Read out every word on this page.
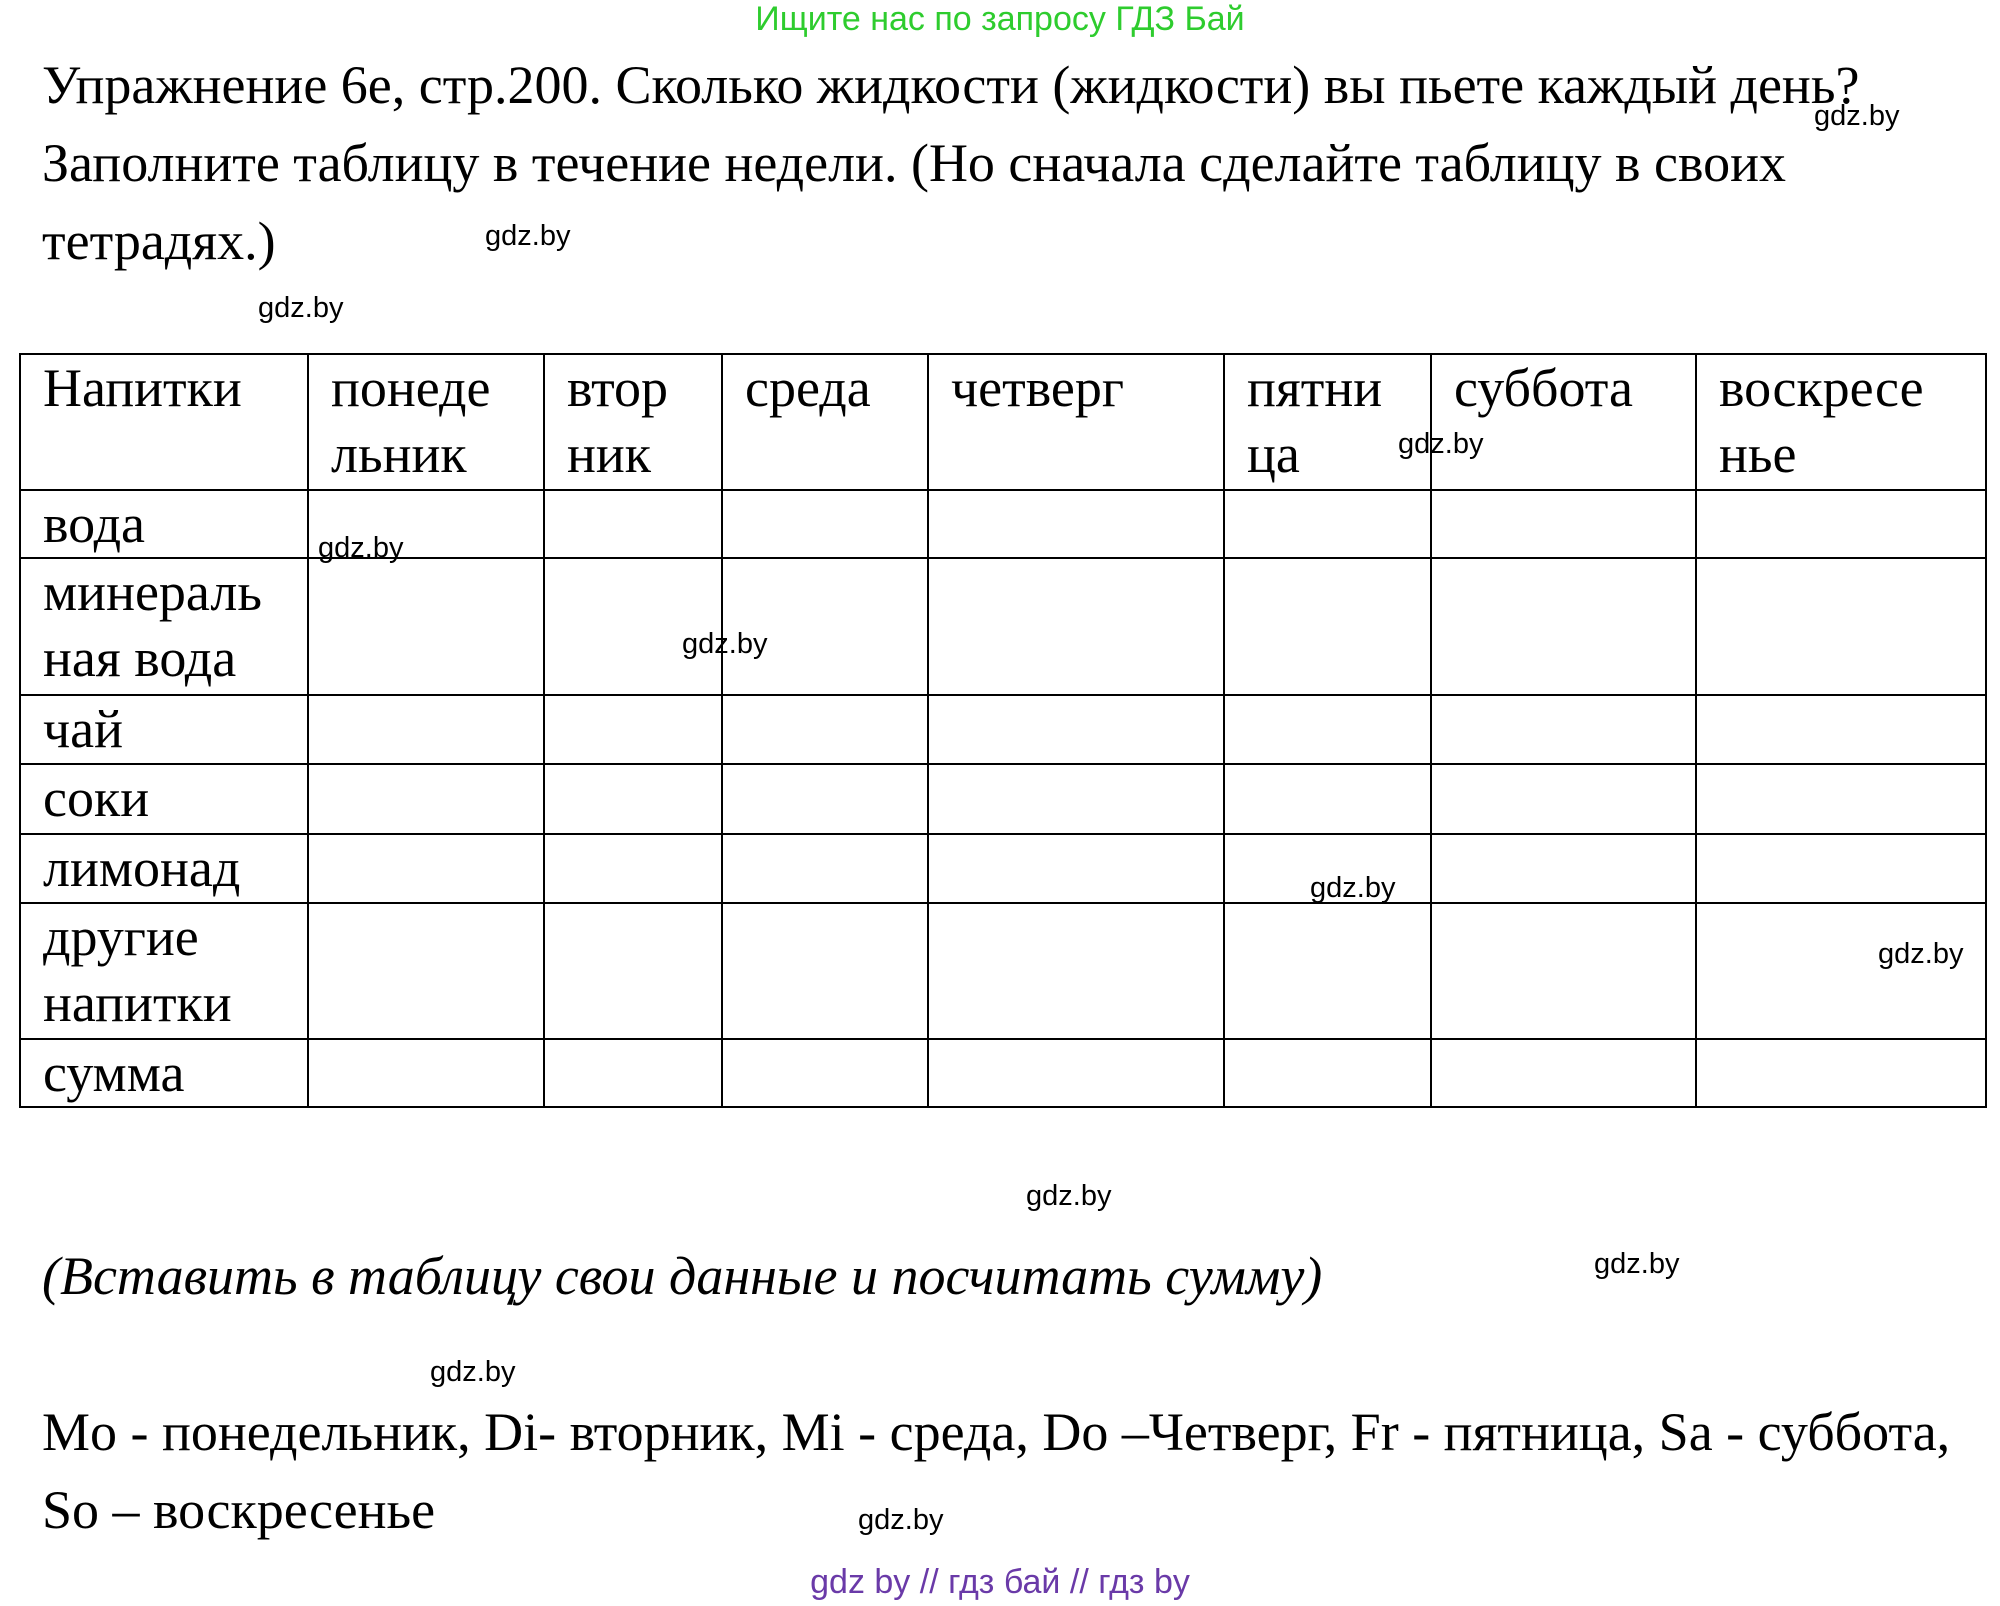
Ищите нас по запросу ГДЗ Бай
Упражнение 6е, стр.200. Сколько жидкости (жидкости) вы пьете каждый день? Заполните таблицу в течение недели. (Но сначала сделайте таблицу в своих тетрадях.)
Напитки	понеде льник	втор ник	среда	четверг	пятни ца	суббота	воскресе нье
вода							
минераль ная вода							
чай							
соки							
лимонад							
другие напитки							
сумма							
(Вставить в таблицу свои данные и посчитать сумму)
Mo - понедельник, Di- вторник, Mi - среда, Do –Четверг, Fr - пятница, Sa - суббота, So – воскресенье
gdz.by
gdz.by
gdz.by
gdz.by
gdz.by
gdz.by
gdz.by
gdz.by
gdz.by
gdz.by
gdz.by
gdz.by
gdz by // гдз бай // гдз by
